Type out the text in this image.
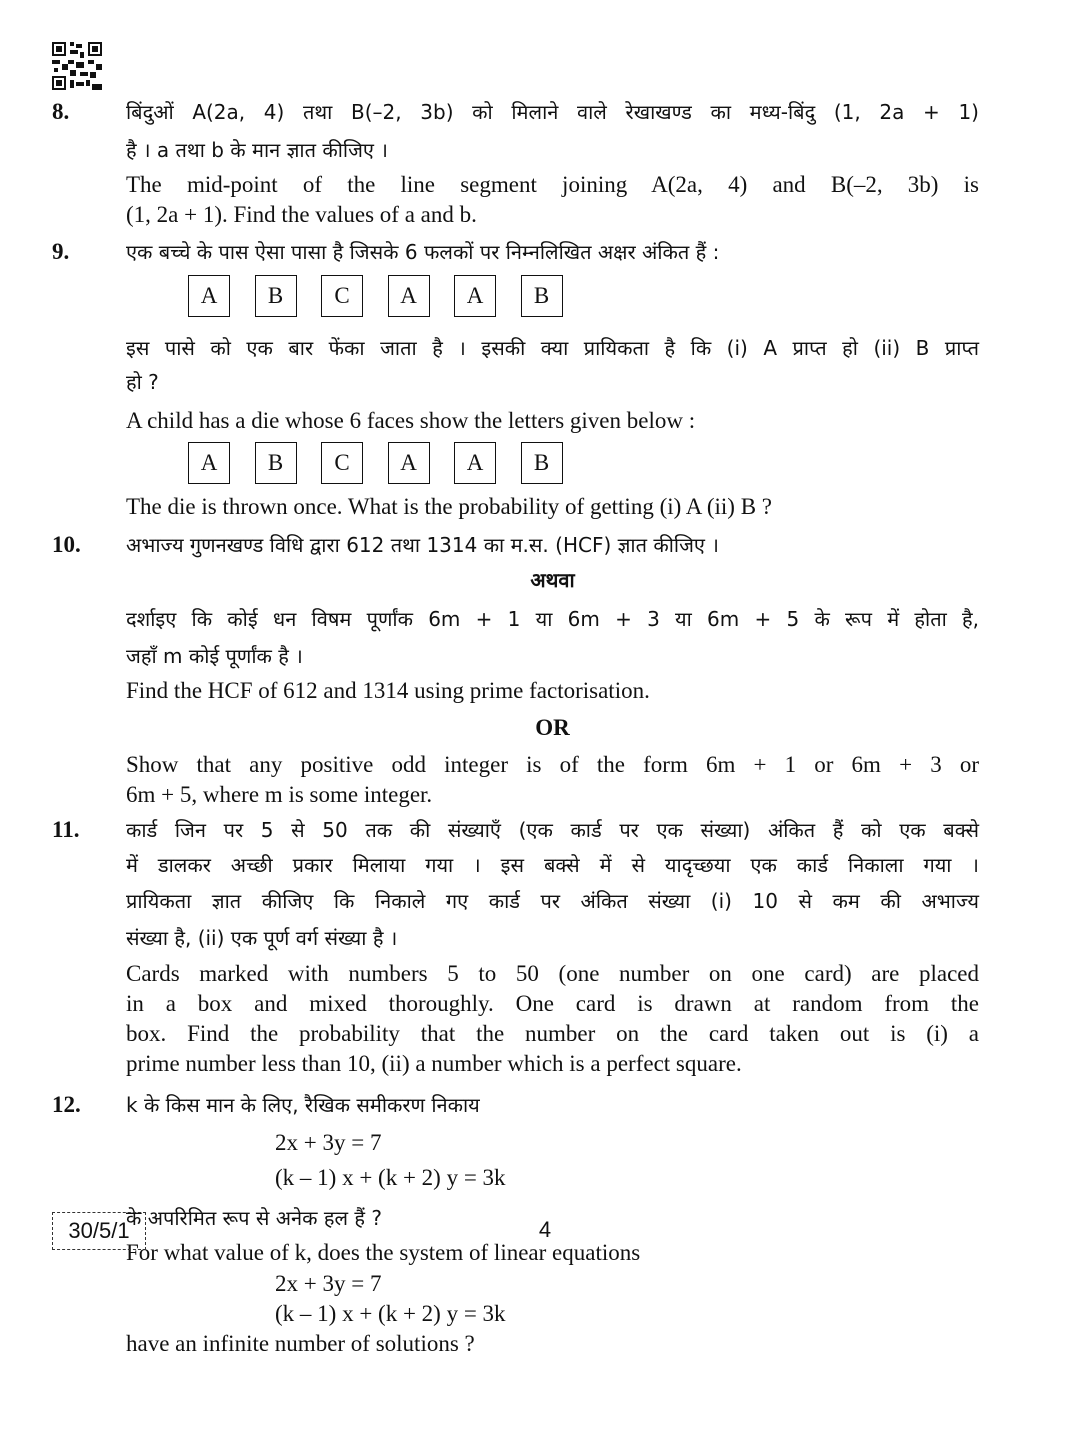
8.	बिंदुओं A(2a, 4) तथा B(–2, 3b) को मिलाने वाले रेखाखण्ड का मध्य-बिंदु (1, 2a + 1)
है । a तथा b के मान ज्ञात कीजिए ।
The mid-point of the line segment joining A(2a, 4) and B(–2, 3b) is
(1, 2a + 1). Find the values of a and b.
9.	एक बच्चे के पास ऐसा पासा है जिसके 6 फलकों पर निम्नलिखित अक्षर अंकित हैं :
A	B	C	A	A	B
इस पासे को एक बार फेंका जाता है । इसकी क्या प्रायिकता है कि (i) A प्राप्त हो (ii) B प्राप्त
हो ?
A child has a die whose 6 faces show the letters given below :
A	B	C	A	A	B
The die is thrown once. What is the probability of getting (i) A (ii) B ?
10. अभाज्य गुणनखण्ड विधि द्वारा 612 तथा 1314 का म.स. (HCF) ज्ञात कीजिए ।
अथवा
दर्शाइए कि कोई धन विषम पूर्णांक 6m + 1 या 6m + 3 या 6m + 5 के रूप में होता है,
जहाँ m कोई पूर्णांक है ।
Find the HCF of 612 and 1314 using prime factorisation.
OR
Show that any positive odd integer is of the form 6m + 1 or 6m + 3 or
6m + 5, where m is some integer.
11. कार्ड जिन पर 5 से 50 तक की संख्याएँ (एक कार्ड पर एक संख्या) अंकित हैं को एक बक्से
में डालकर अच्छी प्रकार मिलाया गया । इस बक्से में से यादृच्छया एक कार्ड निकाला गया ।
प्रायिकता ज्ञात कीजिए कि निकाले गए कार्ड पर अंकित संख्या (i) 10 से कम की अभाज्य
संख्या है, (ii) एक पूर्ण वर्ग संख्या है ।
Cards marked with numbers 5 to 50 (one number on one card) are placed
in a box and mixed thoroughly. One card is drawn at random from the
box. Find the probability that the number on the card taken out is (i) a
prime number less than 10, (ii) a number which is a perfect square.
12. k के किस मान के लिए, रैखिक समीकरण निकाय
2x + 3y = 7
(k – 1) x + (k + 2) y = 3k
के अपरिमित रूप से अनेक हल हैं ?
For what value of k, does the system of linear equations
2x + 3y = 7
(k – 1) x + (k + 2) y = 3k
have an infinite number of solutions ?
30/5/1	4
